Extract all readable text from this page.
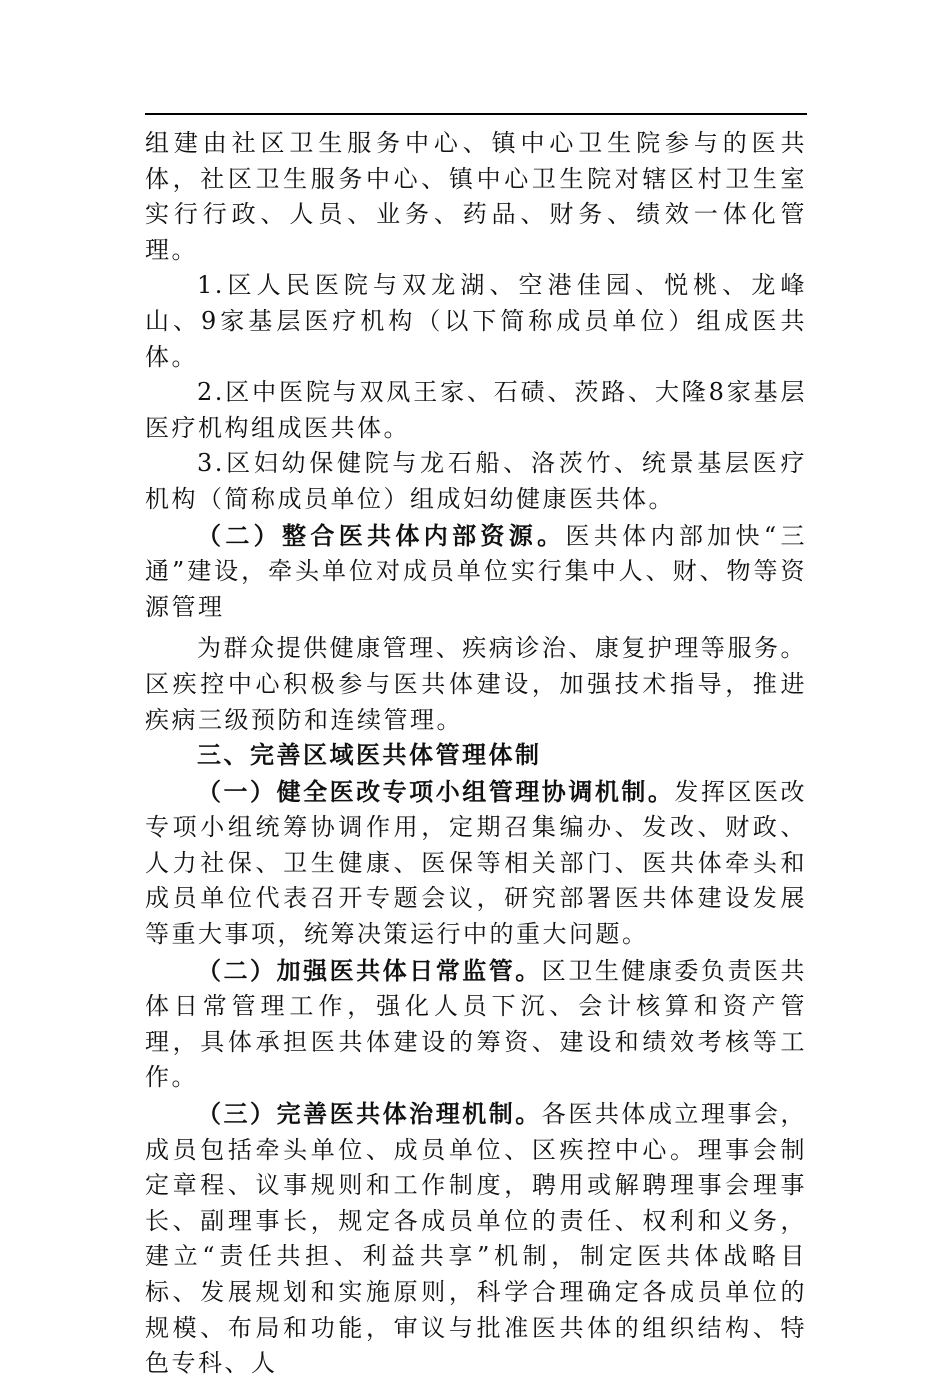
组建由社区卫生服务中心、镇中心卫生院参与的医共体，社区卫生服务中心、镇中心卫生院对辖区村卫生室实行行政、人员、业务、药品、财务、绩效一体化管理。

1.区人民医院与双龙湖、空港佳园、悦桃、龙峰山、9家基层医疗机构（以下简称成员单位）组成医共体。

2.区中医院与双凤王家、石碛、茨路、大隆8家基层医疗机构组成医共体。

3.区妇幼保健院与龙石船、洛茨竹、统景基层医疗机构（简称成员单位）组成妇幼健康医共体。

（二）整合医共体内部资源。医共体内部加快“三通”建设，牵头单位对成员单位实行集中人、财、物等资源管理

为群众提供健康管理、疾病诊治、康复护理等服务。区疾控中心积极参与医共体建设，加强技术指导，推进疾病三级预防和连续管理。

三、完善区域医共体管理体制

（一）健全医改专项小组管理协调机制。发挥区医改专项小组统筹协调作用，定期召集编办、发改、财政、人力社保、卫生健康、医保等相关部门、医共体牵头和成员单位代表召开专题会议，研究部署医共体建设发展等重大事项，统筹决策运行中的重大问题。

（二）加强医共体日常监管。区卫生健康委负责医共体日常管理工作，强化人员下沉、会计核算和资产管理，具体承担医共体建设的筹资、建设和绩效考核等工作。

（三）完善医共体治理机制。各医共体成立理事会，成员包括牵头单位、成员单位、区疾控中心。理事会制定章程、议事规则和工作制度，聘用或解聘理事会理事长、副理事长，规定各成员单位的责任、权利和义务，建立“责任共担、利益共享”机制，制定医共体战略目标、发展规划和实施原则，科学合理确定各成员单位的规模、布局和功能，审议与批准医共体的组织结构、特色专科、人
